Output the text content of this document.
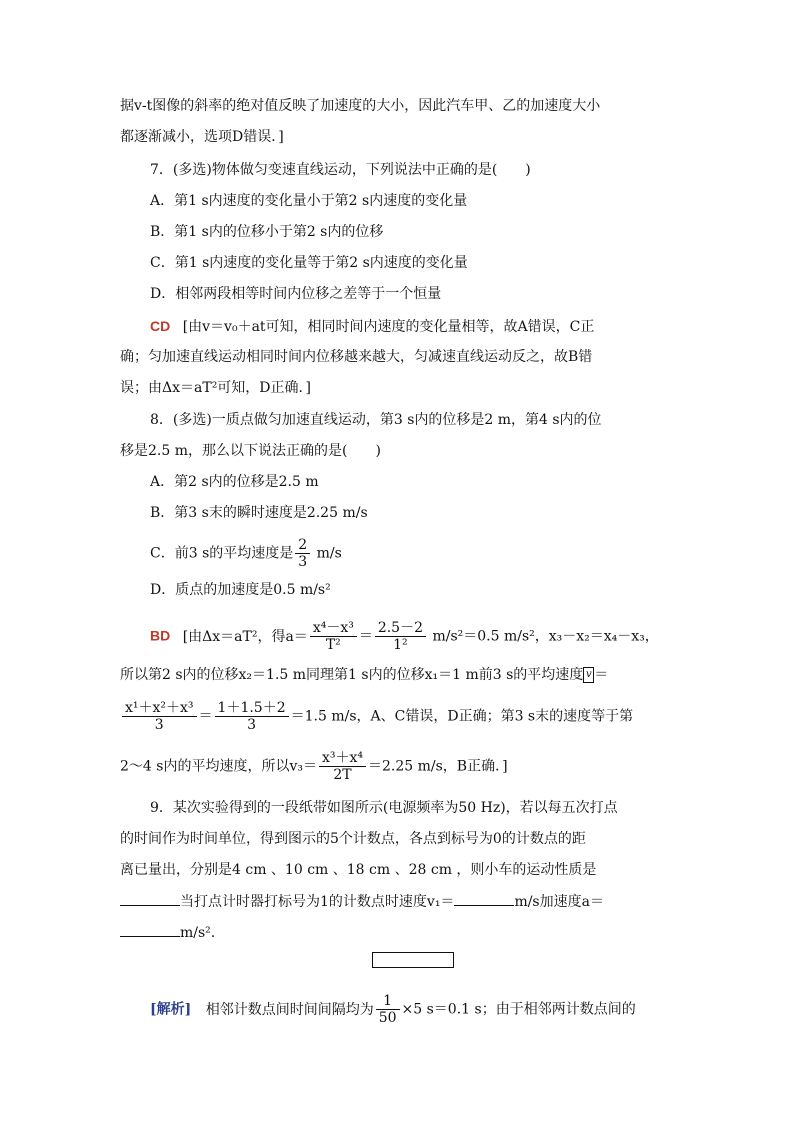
据v-t图像的斜率的绝对值反映了加速度的大小，因此汽车甲、乙的加速度大小
都逐渐减小，选项D错误．]
7．(多选)物体做匀变速直线运动，下列说法中正确的是(　　)
A．第1 s内速度的变化量小于第2 s内速度的变化量
B．第1 s内的位移小于第2 s内的位移
C．第1 s内速度的变化量等于第2 s内速度的变化量
D．相邻两段相等时间内位移之差等于一个恒量
CD [由v＝v₀＋at可知，相同时间内速度的变化量相等，故A错误，C正
确；匀加速直线运动相同时间内位移越来越大，匀减速直线运动反之，故B错
误；由Δx＝aT²可知，D正确．]
8．(多选)一质点做匀加速直线运动，第3 s内的位移是2 m，第4 s内的位
移是2.5 m，那么以下说法正确的是(　　)
A．第2 s内的位移是2.5 m
B．第3 s末的瞬时速度是2.25 m/s
C．前3 s的平均速度是 $\frac{2}{3} m/s$
D．质点的加速度是0.5 m/s²
BD [由Δx＝aT²，得$a= \frac{\text{x⁴－x³}}{\text{T²}} = \frac{2.5-2}{\text{1²}} m/s^2=0.5$ m/s²，x₃－x₂＝x₄－x₃，
所以第2 s内的位移x₂＝1.5 m同理第1 s内的位移x₁＝1 m前3 s的平均速度 v ＝
$\frac{\text{x¹＋x²＋x³}}{3} = \frac{1+1.5+2}{3} =1.5$ m/s，A、C错误，D正确；第3 s末的速度等于第
2～4 s内的平均速度，所以$v_3= \frac{\text{x³＋x⁴}}{2T} =2.25$ m/s，B正确．]
9．某次实验得到的一段纸带如图所示(电源频率为50 Hz)，若以每五次打点
的时间作为时间单位，得到图示的5个计数点，各点到标号为0的计数点的距
离已量出，分别是4 cm 、10 cm 、18 cm 、28 cm ，则小车的运动性质是
当打点计时器打标号为1的计数点时速度v₁＝	m/s加速度a＝
m/s².
[解析] 相邻计数点间时间间隔均为 $\frac{1}{50} \times 5$ s＝0.1 s；由于相邻两计数点间的
